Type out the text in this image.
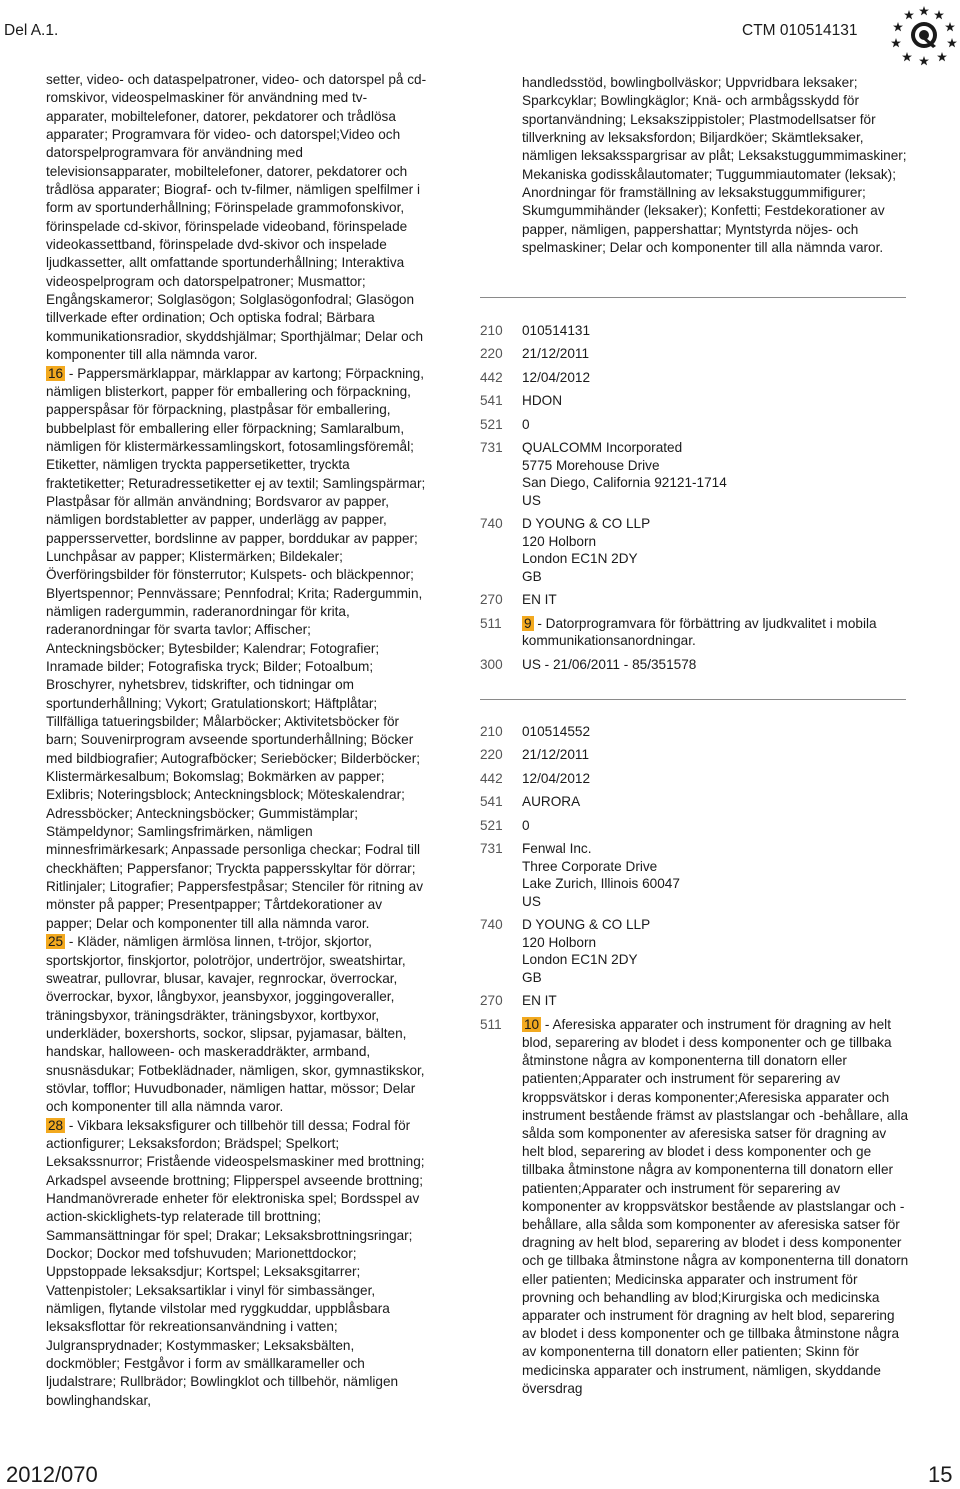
Del A.1.	CTM 010514131

setter, video- och dataspelpatroner, video- och datorspel på cd-romskivor, videospelmaskiner för användning med tv-apparater, mobiltelefoner, datorer, pekdatorer och trådlösa apparater; Programvara för video- och datorspel;Video och datorspelprogramvara för användning med televisionsapparater, mobiltelefoner, datorer, pekdatorer och trådlösa apparater; Biograf- och tv-filmer, nämligen spelfilmer i form av sportunderhållning; Förinspelade grammofonskivor, förinspelade cd-skivor, förinspelade videoband, förinspelade videokassettband, förinspelade dvd-skivor och inspelade ljudkassetter, allt omfattande sportunderhållning; Interaktiva videospelprogram och datorspelpatroner; Musmattor; Engångskameror; Solglasögon; Solglasögonfodral; Glasögon tillverkade efter ordination; Och optiska fodral; Bärbara kommunikationsradior, skyddshjälmar; Sporthjälmar; Delar och komponenter till alla nämnda varor.

16 - Pappersmärklappar, märklappar av kartong; Förpackning, nämligen blisterkort, papper för emballering och förpackning, papperspåsar för förpackning, plastpåsar för emballering, bubbelplast för emballering eller förpackning; Samlaralbum, nämligen för klistermärkessamlingskort, fotosamlingsföremål; Etiketter, nämligen tryckta pappersetiketter, tryckta fraktetiketter; Returadressetiketter ej av textil; Samlingspärmar; Plastpåsar för allmän användning; Bordsvaror av papper, nämligen bordstabletter av papper, underlägg av papper, pappersservetter, bordslinne av papper, borddukar av papper; Lunchpåsar av papper; Klistermärken; Bildekaler; Överföringsbilder för fönsterrutor; Kulspets- och bläckpennor; Blyertspennor; Pennvässare; Pennfodral; Krita; Radergummin, nämligen radergummin, raderanordningar för krita, raderanordningar för svarta tavlor; Affischer; Anteckningsböcker; Bytesbilder; Kalendrar; Fotografier; Inramade bilder; Fotografiska tryck; Bilder; Fotoalbum; Broschyrer, nyhetsbrev, tidskrifter, och tidningar om sportunderhållning; Vykort; Gratulationskort; Häftplåtar; Tillfälliga tatueringsbilder; Målarböcker; Aktivitetsböcker för barn; Souvenirprogram avseende sportunderhållning; Böcker med bildbiografier; Autografböcker; Serieböcker; Bilderböcker; Klistermärkesalbum; Bokomslag; Bokmärken av papper; Exlibris; Noteringsblock; Anteckningsblock; Möteskalendrar; Adressböcker; Anteckningsböcker; Gummistämplar; Stämpeldynor; Samlingsfrimärken, nämligen minnesfrimärkesark; Anpassade personliga checkar; Fodral till checkhäften; Pappersfanor; Tryckta pappersskyltar för dörrar; Ritlinjaler; Litografier; Pappersfestpåsar; Stenciler för ritning av mönster på papper; Presentpapper; Tårtdekorationer av papper; Delar och komponenter till alla nämnda varor.

25 - Kläder, nämligen ärmlösa linnen, t-tröjor, skjortor, sportskjortor, finskjortor, polotröjor, undertröjor, sweatshirtar, sweatrar, pullovrar, blusar, kavajer, regnrockar, överrockar, överrockar, byxor, långbyxor, jeansbyxor, joggingoveraller, träningsbyxor, träningsdräkter, träningsbyxor, kortbyxor, underkläder, boxershorts, sockor, slipsar, pyjamasar, bälten, handskar, halloween- och maskeraddräkter, armband, snusnäsdukar; Fotbeklädnader, nämligen, skor, gymnastikskor, stövlar, tofflor; Huvudbonader, nämligen hattar, mössor; Delar och komponenter till alla nämnda varor.

28 - Vikbara leksaksfigurer och tillbehör till dessa; Fodral för actionfigurer; Leksaksfordon; Brädspel; Spelkort; Leksakssnurror; Fristående videospelsmaskiner med brottning; Arkadspel avseende brottning; Flipperspel avseende brottning; Handmanövrerade enheter för elektroniska spel; Bordsspel av action-skicklighets-typ relaterade till brottning; Sammansättningar för spel; Drakar; Leksaksbrottningsringar; Dockor; Dockor med tofshuvuden; Marionettdockor; Uppstoppade leksaksdjur; Kortspel; Leksaksgitarrer; Vattenpistoler; Leksaksartiklar i vinyl för simbassänger, nämligen, flytande vilstolar med ryggkuddar, uppblåsbara leksaksflottar för rekreationsanvändning i vatten; Julgransprydnader; Kostymmasker; Leksaksbälten, dockmöbler; Festgåvor i form av smällkarameller och ljudalstrare; Rullbrädor; Bowlingklot och tillbehör, nämligen bowlinghandskar,

handledsstöd, bowlingbollväskor; Uppvridbara leksaker; Sparkcyklar; Bowlingkäglor; Knä- och armbågsskydd för sportanvändning; Leksakszippistoler; Plastmodellsatser för tillverkning av leksaksfordon; Biljardköer; Skämtleksaker, nämligen leksaksspargrisar av plåt; Leksakstuggummimaskiner; Mekaniska godisskålautomater; Tuggummiautomater (leksak); Anordningar för framställning av leksakstuggummifigurer; Skumgummihänder (leksaker); Konfetti; Festdekorationer av papper, nämligen, pappershattar; Myntstyrda nöjes- och spelmaskiner; Delar och komponenter till alla nämnda varor.
210	010514131
220	21/12/2011
442	12/04/2012
541	HDON
521	0
731	QUALCOMM Incorporated
5775 Morehouse Drive
San Diego, California 92121-1714
US
740	D YOUNG & CO LLP
120 Holborn
London EC1N 2DY
GB
270	EN IT
511	9 - Datorprogramvara för förbättring av ljudkvalitet i mobila kommunikationsanordningar.
300	US - 21/06/2011 - 85/351578
210	010514552
220	21/12/2011
442	12/04/2012
541	AURORA
521	0
731	Fenwal Inc.
Three Corporate Drive
Lake Zurich, Illinois 60047
US
740	D YOUNG & CO LLP
120 Holborn
London EC1N 2DY
GB
270	EN IT
511	10 - Aferesiska apparater och instrument för dragning av helt blod, separering av blodet i dess komponenter och ge tillbaka åtminstone några av komponenterna till donatorn eller patienten;Apparater och instrument för separering av kroppsvätskor i deras komponenter;Aferesiska apparater och instrument bestående främst av plastslangar och -behållare, alla sålda som komponenter av aferesiska satser för dragning av helt blod, separering av blodet i dess komponenter och ge tillbaka åtminstone några av komponenterna till donatorn eller patienten;Apparater och instrument för separering av komponenter av kroppsvätskor bestående av plastslangar och -behållare, alla sålda som komponenter av aferesiska satser för dragning av helt blod, separering av blodet i dess komponenter och ge tillbaka åtminstone några av komponenterna till donatorn eller patienten; Medicinska apparater och instrument för provning och behandling av blod;Kirurgiska och medicinska apparater och instrument för dragning av helt blod, separering av blodet i dess komponenter och ge tillbaka åtminstone några av komponenterna till donatorn eller patienten; Skinn för medicinska apparater och instrument, nämligen, skyddande översdrag
2012/070	15
